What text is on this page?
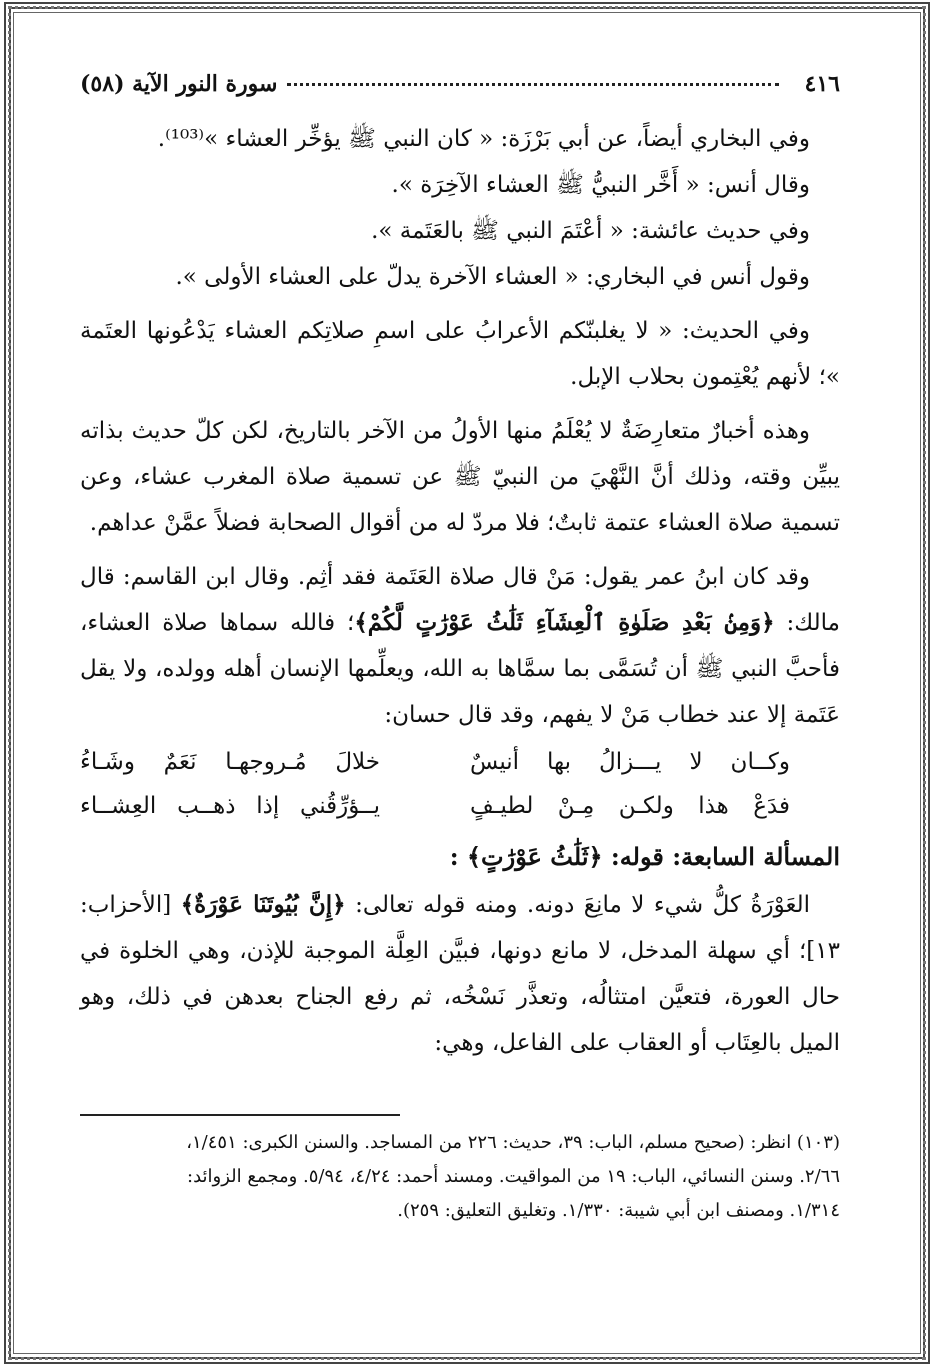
٤١٦
سورة النور الآية (٥٨)

وفي البخاري أيضاً، عن أبي بَرْزَة: « كان النبي ﷺ يؤخِّر العشاء »⁽¹⁰³⁾.

وقال أنس: « أَخَّر النبيُّ ﷺ العشاء الآخِرَة ».

وفي حديث عائشة: « أعْتَمَ النبي ﷺ بالعَتَمة ».

وقول أنس في البخاري: « العشاء الآخرة يدلّ على العشاء الأولى ».

وفي الحديث: « لا يغلبنّكم الأعرابُ على اسمِ صلاتِكم العشاء يَدْعُونها العتَمة »؛ لأنهم يُعْتِمون بحلاب الإبل.

وهذه أخبارٌ متعارِضَةٌ لا يُعْلَمُ منها الأولُ من الآخر بالتاريخ، لكن كلّ حديث بذاته يبيِّن وقته، وذلك أنَّ النَّهْيَ من النبيّ ﷺ عن تسمية صلاة المغرب عشاء، وعن تسمية صلاة العشاء عتمة ثابتٌ؛ فلا مردّ له من أقوال الصحابة فضلاً عمَّنْ عداهم.

وقد كان ابنُ عمر يقول: مَنْ قال صلاة العَتَمة فقد أثِم. وقال ابن القاسم: قال مالك: ﴿وَمِنۢ بَعْدِ صَلَوٰةِ ٱلْعِشَآءِ ثَلَٰثُ عَوْرَٰتٍ لَّكُمْ﴾؛ فالله سماها صلاة العشاء، فأحبَّ النبي ﷺ أن تُسَمَّى بما سمَّاها به الله، ويعلِّمها الإنسان أهله وولده، ولا يقل عَتَمة إلا عند خطاب مَنْ لا يفهم، وقد قال حسان:

وكــان لا يـــزالُ بها أنيسٌ
خلالَ مُـروجهـا نَعَمٌ وشَـاءُ
فدَعْ هذا ولكـن مِـنْ لطيـفٍ
يــؤرِّقُني إذا ذهــب العِشــاء
المسألة السابعة: قوله: ﴿ثَلَٰثُ عَوْرَٰتٍ﴾ :

العَوْرَةُ كلُّ شيء لا مانِعَ دونه. ومنه قوله تعالى: ﴿إِنَّ بُيُوتَنَا عَوْرَةٌ﴾ [الأحزاب: ١٣]؛ أي سهلة المدخل، لا مانع دونها، فبيَّن العِلَّة الموجبة للإذن، وهي الخلوة في حال العورة، فتعيَّن امتثالُه، وتعذَّر نَسْخُه، ثم رفع الجناح بعدهن في ذلك، وهو الميل بالعِتَاب أو العقاب على الفاعل، وهي:

(١٠٣) انظر: (صحيح مسلم، الباب: ٣٩، حديث: ٢٢٦ من المساجد. والسنن الكبرى: ١/٤٥١،

٢/٦٦. وسنن النسائي، الباب: ١٩ من المواقيت. ومسند أحمد: ٤/٢٤، ٥/٩٤. ومجمع الزوائد:

١/٣١٤. ومصنف ابن أبي شيبة: ١/٣٣٠. وتغليق التعليق: ٢٥٩).
